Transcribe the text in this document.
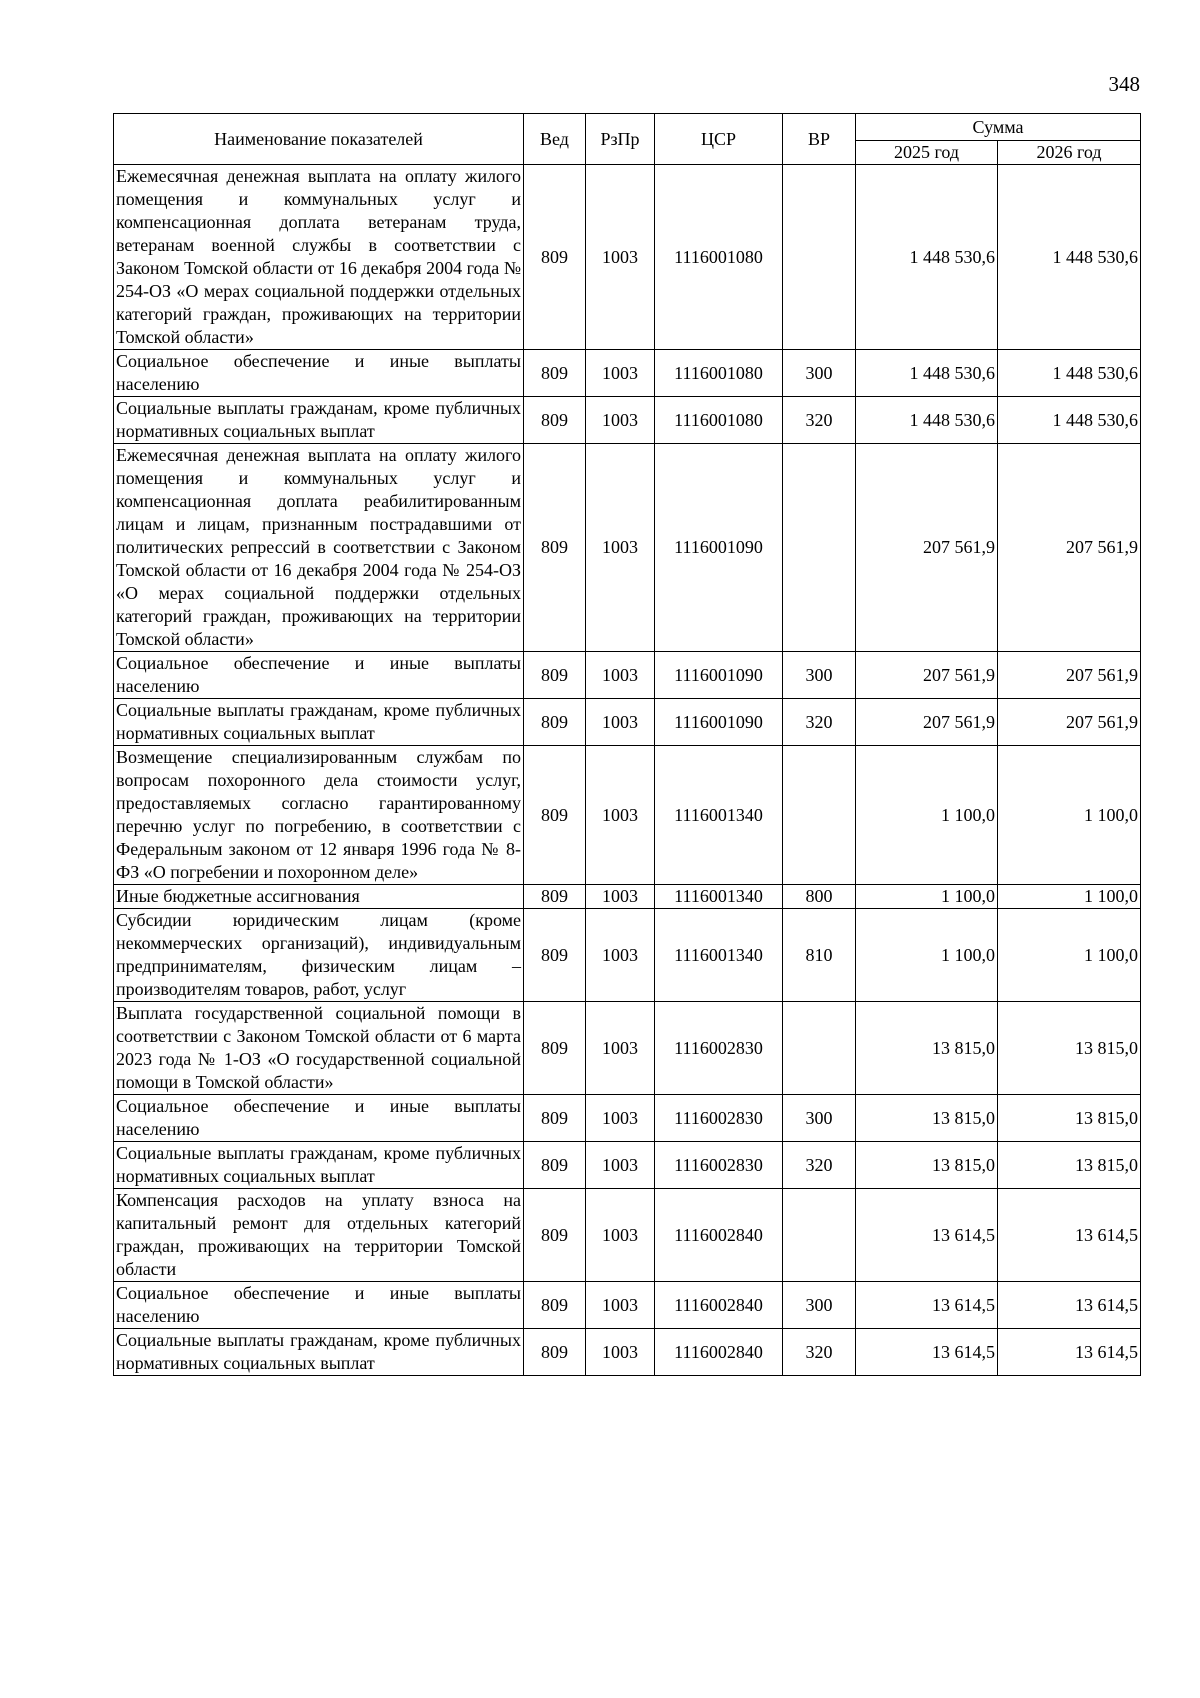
348
Наименование показателей	Вед	РзПр	ЦСР	ВР	Сумма	
					2025 год	2026 год
Ежемесячная денежная выплата на оплату жилого помещения и коммунальных услуг и компенсационная доплата ветеранам труда, ветеранам военной службы в соответствии с Законом Томской области от 16 декабря 2004 года № 254-ОЗ «О мерах социальной поддержки отдельных категорий граждан, проживающих на территории Томской области»	809	1003	1116001080		1 448 530,6	1 448 530,6
Социальное обеспечение и иные выплаты населению	809	1003	1116001080	300	1 448 530,6	1 448 530,6
Социальные выплаты гражданам, кроме публичных нормативных социальных выплат	809	1003	1116001080	320	1 448 530,6	1 448 530,6
Ежемесячная денежная выплата на оплату жилого помещения и коммунальных услуг и компенсационная доплата реабилитированным лицам и лицам, признанным пострадавшими от политических репрессий в соответствии с Законом Томской области от 16 декабря 2004 года № 254-ОЗ «О мерах социальной поддержки отдельных категорий граждан, проживающих на территории Томской области»	809	1003	1116001090		207 561,9	207 561,9
Социальное обеспечение и иные выплаты населению	809	1003	1116001090	300	207 561,9	207 561,9
Социальные выплаты гражданам, кроме публичных нормативных социальных выплат	809	1003	1116001090	320	207 561,9	207 561,9
Возмещение специализированным службам по вопросам похоронного дела стоимости услуг, предоставляемых согласно гарантированному перечню услуг по погребению, в соответствии с Федеральным законом от 12 января 1996 года № 8-ФЗ «О погребении и похоронном деле»	809	1003	1116001340		1 100,0	1 100,0
Иные бюджетные ассигнования	809	1003	1116001340	800	1 100,0	1 100,0
Субсидии юридическим лицам (кроме некоммерческих организаций), индивидуальным предпринимателям, физическим лицам – производителям товаров, работ, услуг	809	1003	1116001340	810	1 100,0	1 100,0
Выплата государственной социальной помощи в соответствии с Законом Томской области от 6 марта 2023 года № 1-ОЗ «О государственной социальной помощи в Томской области»	809	1003	1116002830		13 815,0	13 815,0
Социальное обеспечение и иные выплаты населению	809	1003	1116002830	300	13 815,0	13 815,0
Социальные выплаты гражданам, кроме публичных нормативных социальных выплат	809	1003	1116002830	320	13 815,0	13 815,0
Компенсация расходов на уплату взноса на капитальный ремонт для отдельных категорий граждан, проживающих на территории Томской области	809	1003	1116002840		13 614,5	13 614,5
Социальное обеспечение и иные выплаты населению	809	1003	1116002840	300	13 614,5	13 614,5
Социальные выплаты гражданам, кроме публичных нормативных социальных выплат	809	1003	1116002840	320	13 614,5	13 614,5
